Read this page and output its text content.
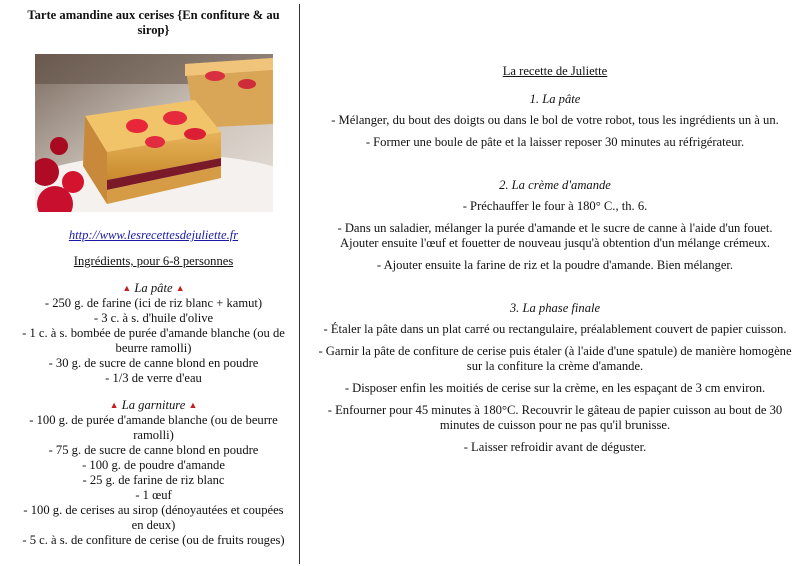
Tarte amandine aux cerises {En confiture & au sirop}

http://www.lesrecettesdejuliette.fr

Ingrédients, pour 6-8 personnes

▲ La pâte ▲

- 250 g. de farine (ici de riz blanc + kamut)

- 3 c. à s. d'huile d'olive

- 1 c. à s. bombée de purée d'amande blanche (ou de beurre ramolli)

- 30 g. de sucre de canne blond en poudre

- 1/3 de verre d'eau

▲ La garniture ▲

- 100 g. de purée d'amande blanche (ou de beurre ramolli)

- 75 g. de sucre de canne blond en poudre

- 100 g. de poudre d'amande

- 25 g. de farine de riz blanc

- 1 œuf

- 100 g. de cerises au sirop (dénoyautées et coupées en deux)

- 5 c. à s. de confiture de cerise (ou de fruits rouges)

La recette de Juliette

1. La pâte

- Mélanger, du bout des doigts ou dans le bol de votre robot, tous les ingrédients un à un.

- Former une boule de pâte et la laisser reposer 30 minutes au réfrigérateur.

2. La crème d'amande

- Préchauffer le four à 180° C., th. 6.

- Dans un saladier, mélanger la purée d'amande et le sucre de canne à l'aide d'un fouet. Ajouter ensuite l'œuf et fouetter de nouveau jusqu'à obtention d'un mélange crémeux.

- Ajouter ensuite la farine de riz et la poudre d'amande. Bien mélanger.

3. La phase finale

- Étaler la pâte dans un plat carré ou rectangulaire, préalablement couvert de papier cuisson.

- Garnir la pâte de confiture de cerise puis étaler (à l'aide d'une spatule) de manière homogène sur la confiture la crème d'amande.

- Disposer enfin les moitiés de cerise sur la crème, en les espaçant de 3 cm environ.

- Enfourner pour 45 minutes à 180°C. Recouvrir le gâteau de papier cuisson au bout de 30 minutes de cuisson pour ne pas qu'il brunisse.

- Laisser refroidir avant de déguster.
